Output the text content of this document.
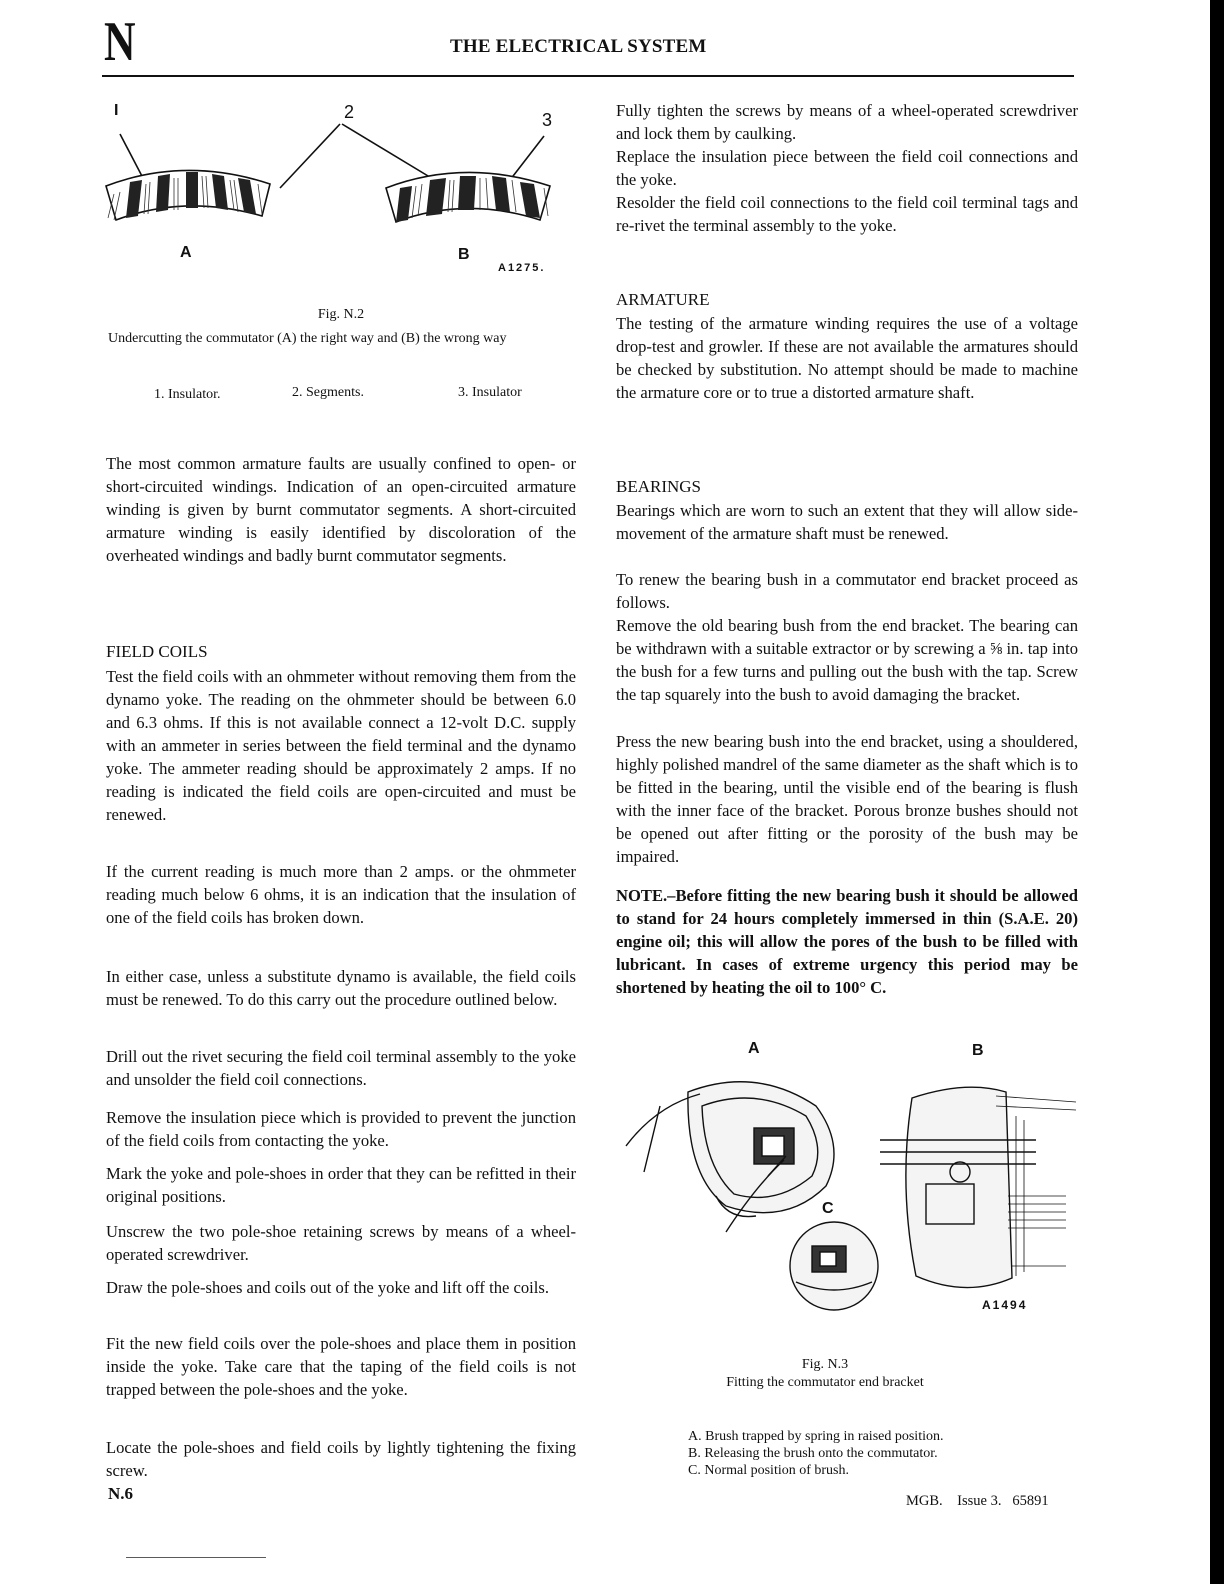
N	THE ELECTRICAL SYSTEM
I	2	3
A	B
A1275.
Fig. N.2
Undercutting the commutator (A) the right way and (B) the wrong way
1. Insulator.	2. Segments.	3. Insulator

The most common armature faults are usually confined to open- or short-circuited windings. Indication of an open-circuited armature winding is given by burnt commutator segments. A short-circuited armature winding is easily identified by discoloration of the overheated windings and badly burnt commutator segments.

FIELD COILS

Test the field coils with an ohmmeter without removing them from the dynamo yoke. The reading on the ohmmeter should be between 6.0 and 6.3 ohms. If this is not available connect a 12-volt D.C. supply with an ammeter in series between the field terminal and the dynamo yoke. The ammeter reading should be approximately 2 amps. If no reading is indicated the field coils are open-circuited and must be renewed.

If the current reading is much more than 2 amps. or the ohmmeter reading much below 6 ohms, it is an indication that the insulation of one of the field coils has broken down.

In either case, unless a substitute dynamo is available, the field coils must be renewed. To do this carry out the procedure outlined below.

Drill out the rivet securing the field coil terminal assembly to the yoke and unsolder the field coil connections.

Remove the insulation piece which is provided to prevent the junction of the field coils from contacting the yoke.

Mark the yoke and pole-shoes in order that they can be refitted in their original positions.

Unscrew the two pole-shoe retaining screws by means of a wheel-operated screwdriver.

Draw the pole-shoes and coils out of the yoke and lift off the coils.

Fit the new field coils over the pole-shoes and place them in position inside the yoke. Take care that the taping of the field coils is not trapped between the pole-shoes and the yoke.

Locate the pole-shoes and field coils by lightly tightening the fixing screw.

Fully tighten the screws by means of a wheel-operated screwdriver and lock them by caulking.

Replace the insulation piece between the field coil connections and the yoke.

Resolder the field coil connections to the field coil terminal tags and re-rivet the terminal assembly to the yoke.

ARMATURE

The testing of the armature winding requires the use of a voltage drop-test and growler. If these are not available the armatures should be checked by substitution. No attempt should be made to machine the armature core or to true a distorted armature shaft.

BEARINGS

Bearings which are worn to such an extent that they will allow side-movement of the armature shaft must be renewed.

To renew the bearing bush in a commutator end bracket proceed as follows.

Remove the old bearing bush from the end bracket. The bearing can be withdrawn with a suitable extractor or by screwing a ⅝ in. tap into the bush for a few turns and pulling out the bush with the tap. Screw the tap squarely into the bush to avoid damaging the bracket.

Press the new bearing bush into the end bracket, using a shouldered, highly polished mandrel of the same diameter as the shaft which is to be fitted in the bearing, until the visible end of the bearing is flush with the inner face of the bracket. Porous bronze bushes should not be opened out after fitting or the porosity of the bush may be impaired.

NOTE.–Before fitting the new bearing bush it should be allowed to stand for 24 hours completely immersed in thin (S.A.E. 20) engine oil; this will allow the pores of the bush to be filled with lubricant. In cases of extreme urgency this period may be shortened by heating the oil to 100° C.

A	B
C
A1494
Fig. N.3
Fitting the commutator end bracket
A. Brush trapped by spring in raised position.
B. Releasing the brush onto the commutator.
C. Normal position of brush.
N.6	MGB.    Issue 3.   65891
